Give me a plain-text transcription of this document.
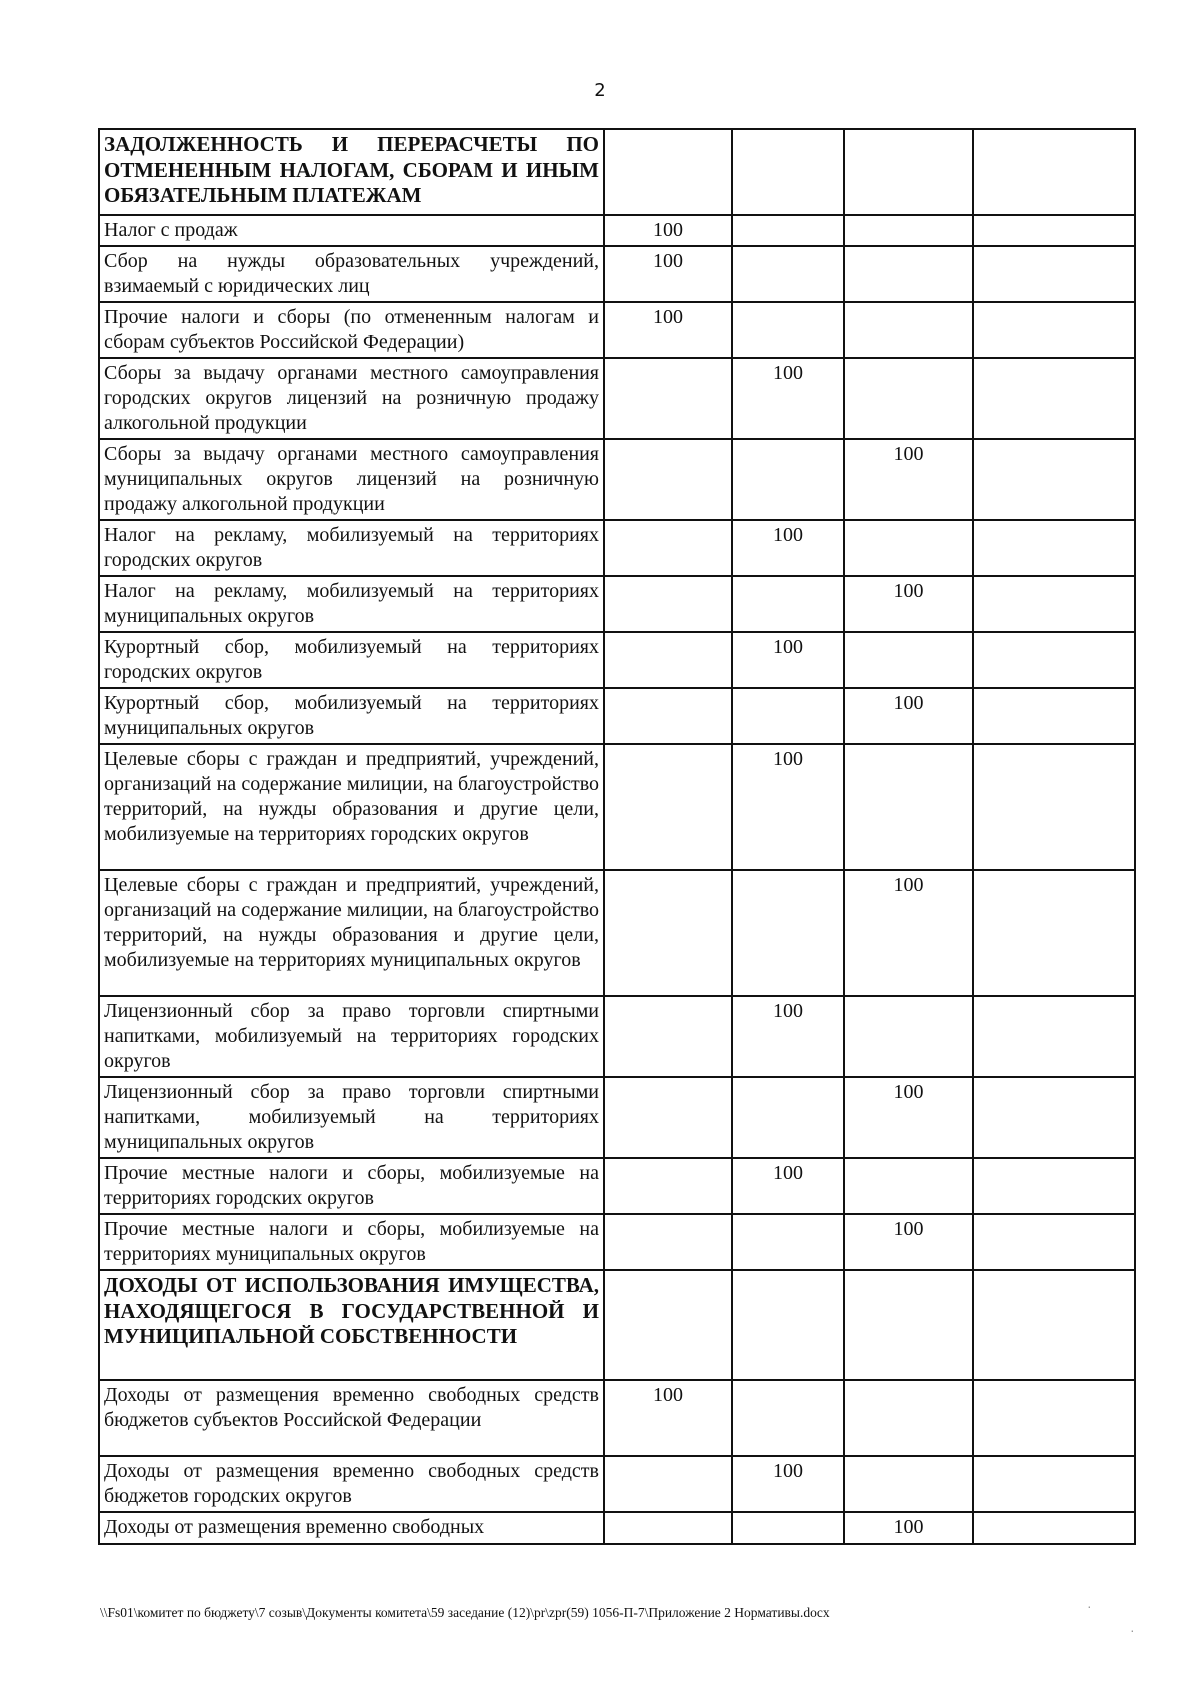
2
ЗАДОЛЖЕННОСТЬ И ПЕРЕРАСЧЕТЫ ПО ОТМЕНЕННЫМ НАЛОГАМ, СБОРАМ И ИНЫМ ОБЯЗАТЕЛЬНЫМ ПЛАТЕЖАМ				
Налог с продаж	100			
Сбор на нужды образовательных учреждений, взимаемый с юридических лиц	100			
Прочие налоги и сборы (по отмененным налогам и сборам субъектов Российской Федерации)	100			
Сборы за выдачу органами местного самоуправления городских округов лицензий на розничную продажу алкогольной продукции		100		
Сборы за выдачу органами местного самоуправления муниципальных округов лицензий на розничную продажу алкогольной продукции			100	
Налог на рекламу, мобилизуемый на территориях городских округов		100		
Налог на рекламу, мобилизуемый на территориях муниципальных округов			100	
Курортный сбор, мобилизуемый на территориях городских округов		100		
Курортный сбор, мобилизуемый на территориях муниципальных округов			100	
Целевые сборы с граждан и предприятий, учреждений, организаций на содержание милиции, на благоустройство территорий, на нужды образования и другие цели, мобилизуемые на территориях городских округов		100		
Целевые сборы с граждан и предприятий, учреждений, организаций на содержание милиции, на благоустройство территорий, на нужды образования и другие цели, мобилизуемые на территориях муниципальных округов			100	
Лицензионный сбор за право торговли спиртными напитками, мобилизуемый на территориях городских округов		100		
Лицензионный сбор за право торговли спиртными напитками, мобилизуемый на территориях муниципальных округов			100	
Прочие местные налоги и сборы, мобилизуемые на территориях городских округов		100		
Прочие местные налоги и сборы, мобилизуемые на территориях муниципальных округов			100	
ДОХОДЫ ОТ ИСПОЛЬЗОВАНИЯ ИМУЩЕСТВА, НАХОДЯЩЕГОСЯ В ГОСУДАРСТВЕННОЙ И МУНИЦИПАЛЬНОЙ СОБСТВЕННОСТИ				
Доходы от размещения временно свободных средств бюджетов субъектов Российской Федерации	100			
Доходы от размещения временно свободных средств бюджетов городских округов		100		
Доходы от размещения временно свободных			100	
\\Fs01\комитет по бюджету\7 созыв\Документы комитета\59 заседание (12)\pr\zpr(59) 1056-П-7\Приложение 2 Нормативы.docx	·
·
